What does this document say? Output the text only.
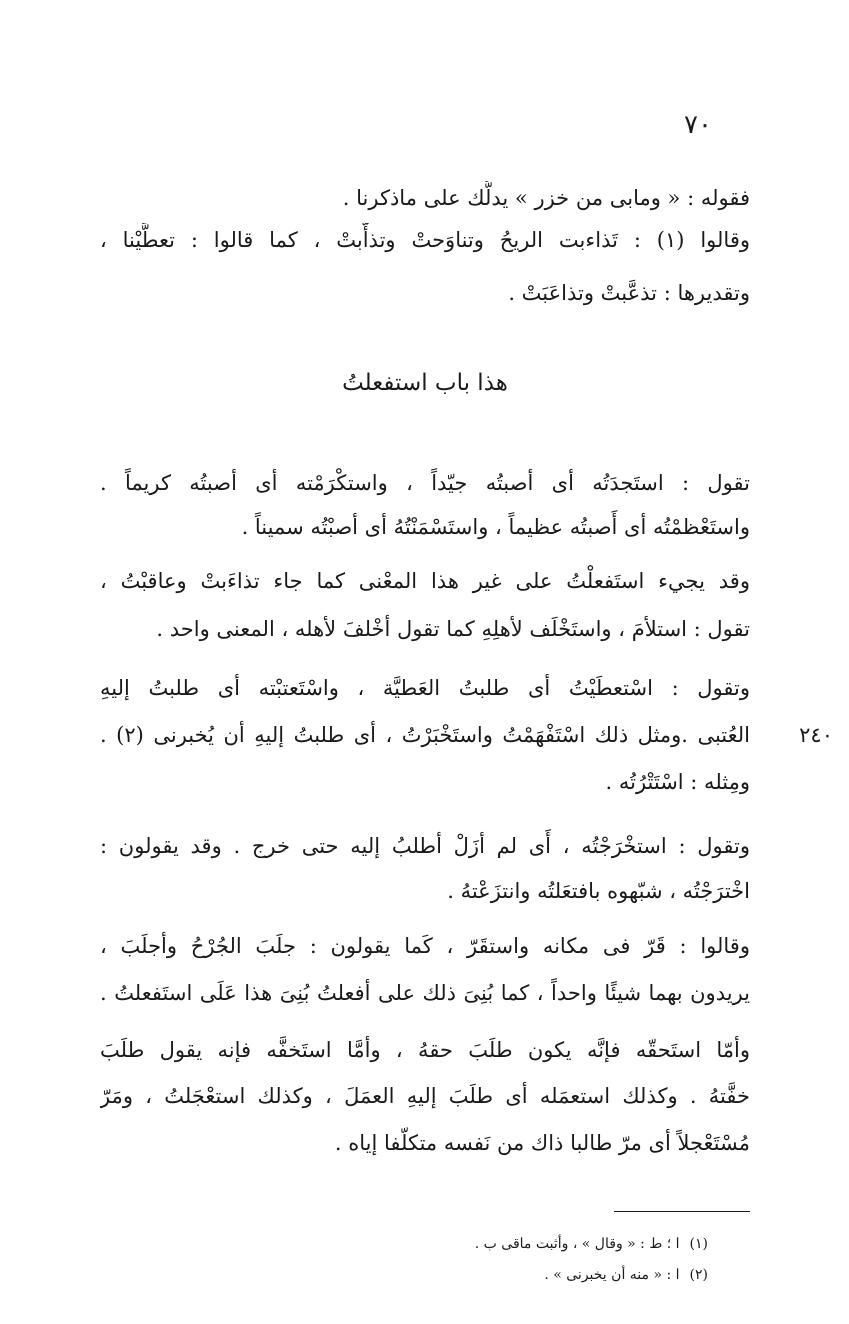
٧٠
فقوله : « ومابى من خزر » يدلُّك على ماذكرنا .
وقالوا (١) : تَذاءبت الريحُ وتناوَحتْ وتذأَّبتْ ، كما قالوا : تعطَّيْنا ،
وتقديرها : تذعَّبتْ وتذاعَبَتْ .
هذا باب استفعلتُ
تقول : استَجدَتُه أى أصبتُه جيّداً ، واستكْرَمْته أى أصبتُه كريماً .
واستَعْظمْتُه أى أَصبتُه عظيماً ، واستَسْمَنْتُهُ أى أصبْتُه سميناً .
وقد يجيء استَفعلْتُ على غير هذا المعْنى كما جاء تذاءَبتْ وعاقبْتُ ،
تقول : استلأمَ ، واستَخْلَف لأهلِهِ كما تقول أخْلفَ لأهله ، المعنى واحد .
وتقول : اسْتعطَيْتُ أى طلبتُ العَطيَّة ، واسْتَعتبْته أى طلبتُ إليهِ
العُتبى .ومثل ذلك اسْتَفْهَمْتُ واستَخْبَرْتُ ، أى طلبتُ إليهِ أن يُخبرنى (٢) .
ومِثله : اسْتَتْرُتُه .
٢٤٠
وتقول : استخْرَجْتُه ، أَى لم أزَلْ أطلبُ إليه حتى خرج . وقد يقولون :
اخْترَجْتُه ، شبّهوه بافتعَلتُه وانتزَعْتهُ .
وقالوا : قَرّ فى مكانه واستقَرّ ، كَما يقولون : جلَبَ الجُرْحُ وأجلَبَ ،
يريدون بهما شيئًا واحداً ، كما بُنِىَ ذلك على أفعلتُ بُنِىَ هذا عَلَى استَفعلتُ .
وأمّا استَحقّه فإنَّه يكون طلَبَ حقهُ ، وأمَّا استَخفَّه فإنه يقول طلَبَ
خفَّتهُ . وكذلك استعمَله أى طلَبَ إليهِ العمَلَ ، وكذلك استعْجَلتُ ، ومَرّ
مُسْتَعْجلاً أى مرّ طالبا ذاك من نَفسه متكلّفا إياه .
(١)ا ؛ ط : « وقال » ، وأثبت ماقى ب .
(٢)ا : « منه أن يخبرنى » .
